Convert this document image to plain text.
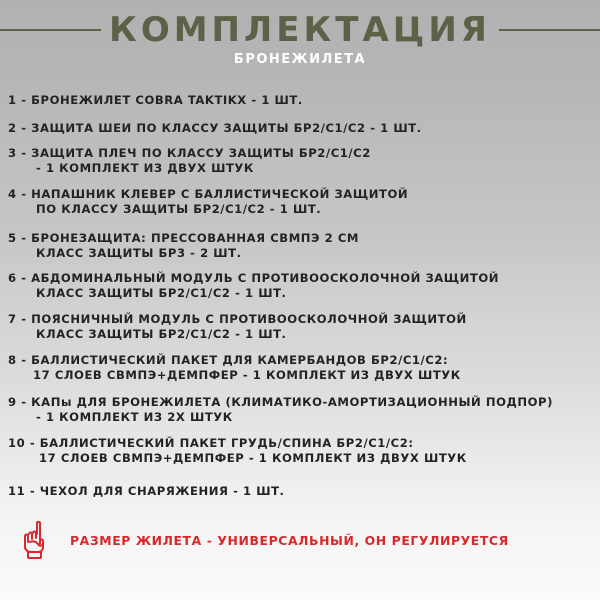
КОМПЛЕКТАЦИЯ
БРОНЕЖИЛЕТА
1 - БРОНЕЖИЛЕТ COBRA TAKTIKX - 1 ШТ.
2 - ЗАЩИТА ШЕИ ПО КЛАССУ ЗАЩИТЫ БР2/С1/С2 - 1 ШТ.
3 - ЗАЩИТА ПЛЕЧ ПО КЛАССУ ЗАЩИТЫ БР2/С1/С2
- 1 КОМПЛЕКТ ИЗ ДВУХ ШТУК
4 - НАПАШНИК КЛЕВЕР С БАЛЛИСТИЧЕСКОЙ ЗАЩИТОЙ
ПО КЛАССУ ЗАЩИТЫ БР2/С1/С2 - 1 ШТ.
5 - БРОНЕЗАЩИТА: ПРЕССОВАННАЯ СВМПЭ 2 СМ
КЛАСС ЗАЩИТЫ БР3 - 2 ШТ.
6 - АБДОМИНАЛЬНЫЙ МОДУЛЬ С ПРОТИВООСКОЛОЧНОЙ ЗАЩИТОЙ
КЛАСС ЗАЩИТЫ БР2/С1/С2 - 1 ШТ.
7 - ПОЯСНИЧНЫЙ МОДУЛЬ С ПРОТИВООСКОЛОЧНОЙ ЗАЩИТОЙ
КЛАСС ЗАЩИТЫ БР2/С1/С2 - 1 ШТ.
8 - БАЛЛИСТИЧЕСКИЙ ПАКЕТ ДЛЯ КАМЕРБАНДОВ БР2/С1/С2:
17 СЛОЕВ СВМПЭ+ДЕМПФЕР - 1 КОМПЛЕКТ ИЗ ДВУХ ШТУК
9 - КАПы ДЛЯ БРОНЕЖИЛЕТА (КЛИМАТИКО-АМОРТИЗАЦИОННЫЙ ПОДПОР)
- 1 КОМПЛЕКТ ИЗ 2Х ШТУК
10 - БАЛЛИСТИЧЕСКИЙ ПАКЕТ ГРУДЬ/СПИНА БР2/С1/С2:
17 СЛОЕВ СВМПЭ+ДЕМПФЕР - 1 КОМПЛЕКТ ИЗ ДВУХ ШТУК
11 - ЧЕХОЛ ДЛЯ СНАРЯЖЕНИЯ - 1 ШТ.
РАЗМЕР ЖИЛЕТА - УНИВЕРСАЛЬНЫЙ, ОН РЕГУЛИРУЕТСЯ
